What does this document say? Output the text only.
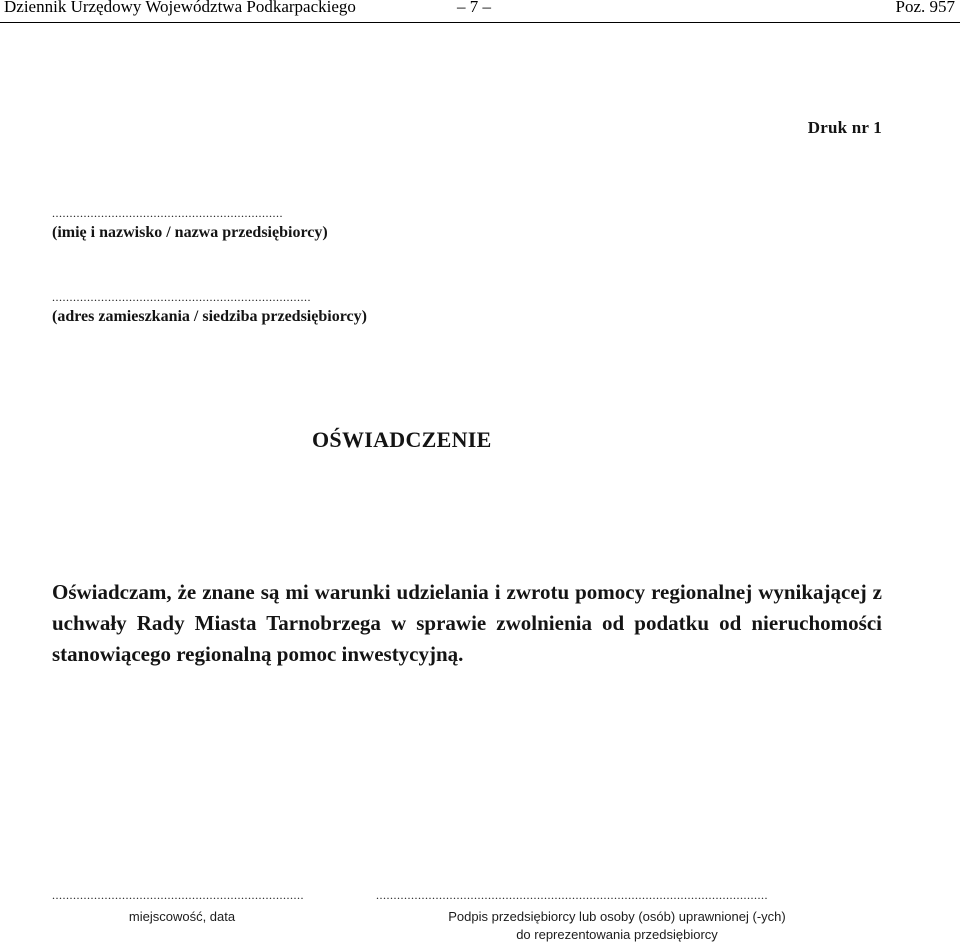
Dziennik Urzędowy Województwa Podkarpackiego	– 7 –	Poz. 957
Druk nr 1
..................................................................
(imię i nazwisko / nazwa przedsiębiorcy)
..........................................................................
(adres zamieszkania / siedziba przedsiębiorcy)
OŚWIADCZENIE
Oświadczam, że znane są mi warunki udzielania i zwrotu pomocy regionalnej wynikającej z uchwały Rady Miasta Tarnobrzega w sprawie zwolnienia od podatku od nieruchomości stanowiącego regionalną pomoc inwestycyjną.
........................................................................
miejscowość, data
................................................................................................................
Podpis przedsiębiorcy lub osoby (osób) uprawnionej (-ych)
do reprezentowania przedsiębiorcy
